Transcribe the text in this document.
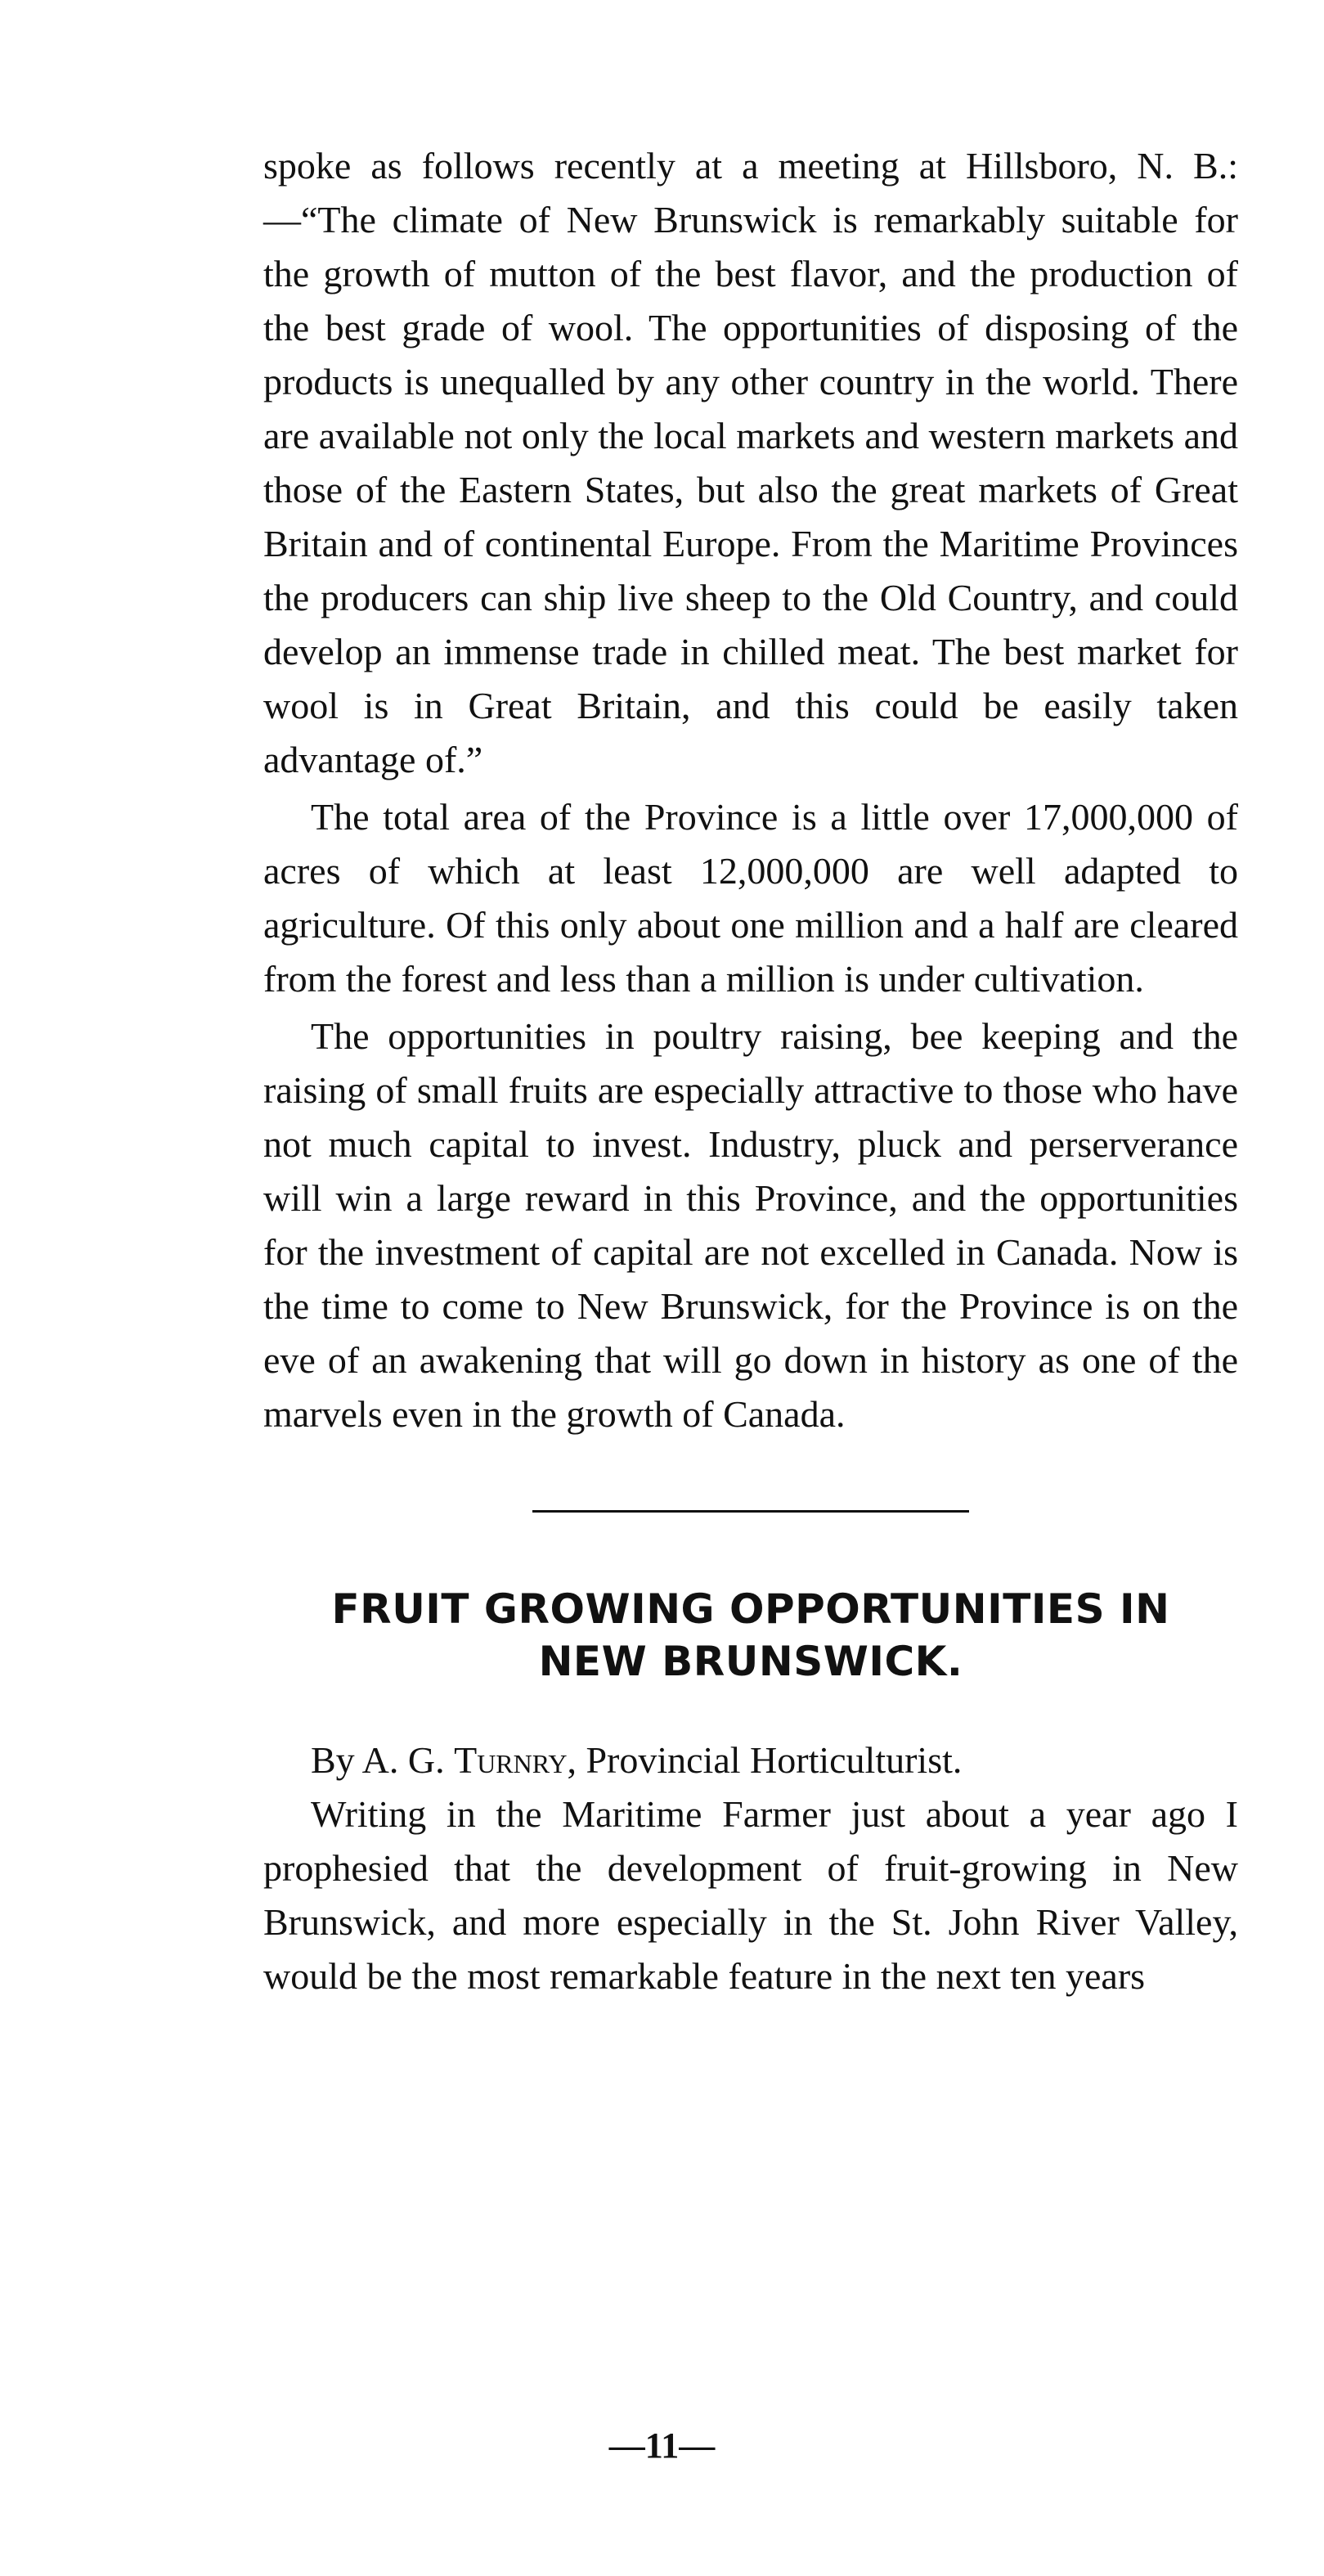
spoke as follows recently at a meeting at Hillsboro, N. B.:—“The climate of New Brunswick is remarkably suitable for the growth of mutton of the best flavor, and the production of the best grade of wool. The opportunities of disposing of the products is unequalled by any other country in the world. There are available not only the local markets and western markets and those of the Eastern States, but also the great markets of Great Britain and of continental Europe. From the Maritime Provinces the producers can ship live sheep to the Old Country, and could develop an immense trade in chilled meat. The best market for wool is in Great Britain, and this could be easily taken advantage of.”

The total area of the Province is a little over 17,000,000 of acres of which at least 12,000,000 are well adapted to agriculture. Of this only about one million and a half are cleared from the forest and less than a million is under cultivation.

The opportunities in poultry raising, bee keeping and the raising of small fruits are especially attractive to those who have not much capital to invest. Industry, pluck and perserverance will win a large reward in this Province, and the opportunities for the investment of capital are not excelled in Canada. Now is the time to come to New Brunswick, for the Province is on the eve of an awakening that will go down in history as one of the marvels even in the growth of Canada.

FRUIT GROWING OPPORTUNITIES IN
NEW BRUNSWICK.

By A. G. Turnry, Provincial Horticulturist.

Writing in the Maritime Farmer just about a year ago I prophesied that the development of fruit-growing in New Brunswick, and more especially in the St. John River Valley, would be the most remarkable feature in the next ten years

—11—
